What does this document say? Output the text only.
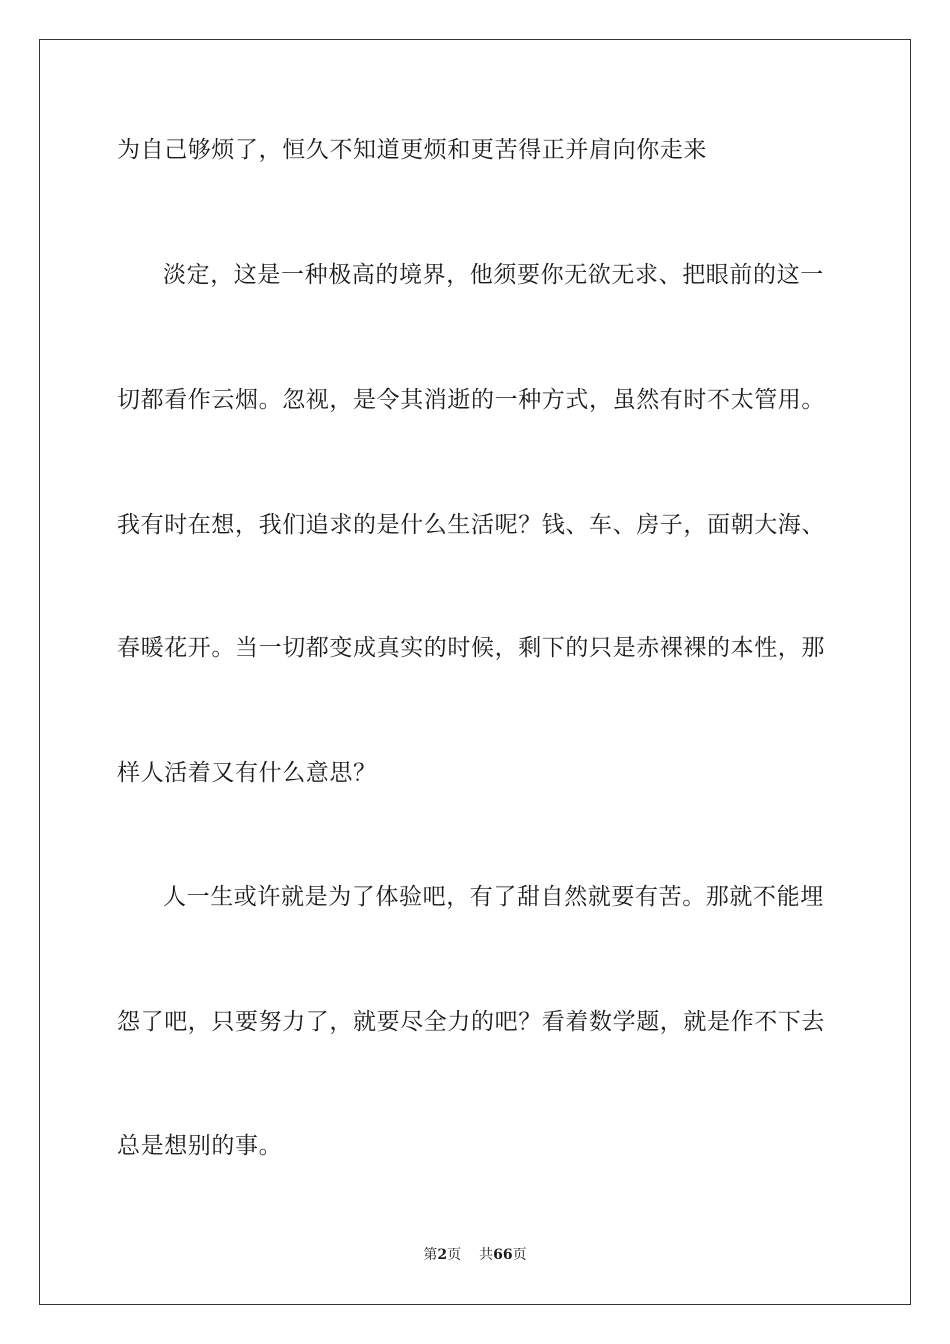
为自己够烦了，恒久不知道更烦和更苦得正并肩向你走来
淡定，这是一种极高的境界，他须要你无欲无求、把眼前的这一
切都看作云烟。忽视，是令其消逝的一种方式，虽然有时不太管用。
我有时在想，我们追求的是什么生活呢？钱、车、房子，面朝大海、
春暖花开。当一切都变成真实的时候，剩下的只是赤裸裸的本性，那
样人活着又有什么意思？
人一生或许就是为了体验吧，有了甜自然就要有苦。那就不能埋
怨了吧，只要努力了，就要尽全力的吧？看着数学题，就是作不下去
总是想别的事。
第2页 共66页
